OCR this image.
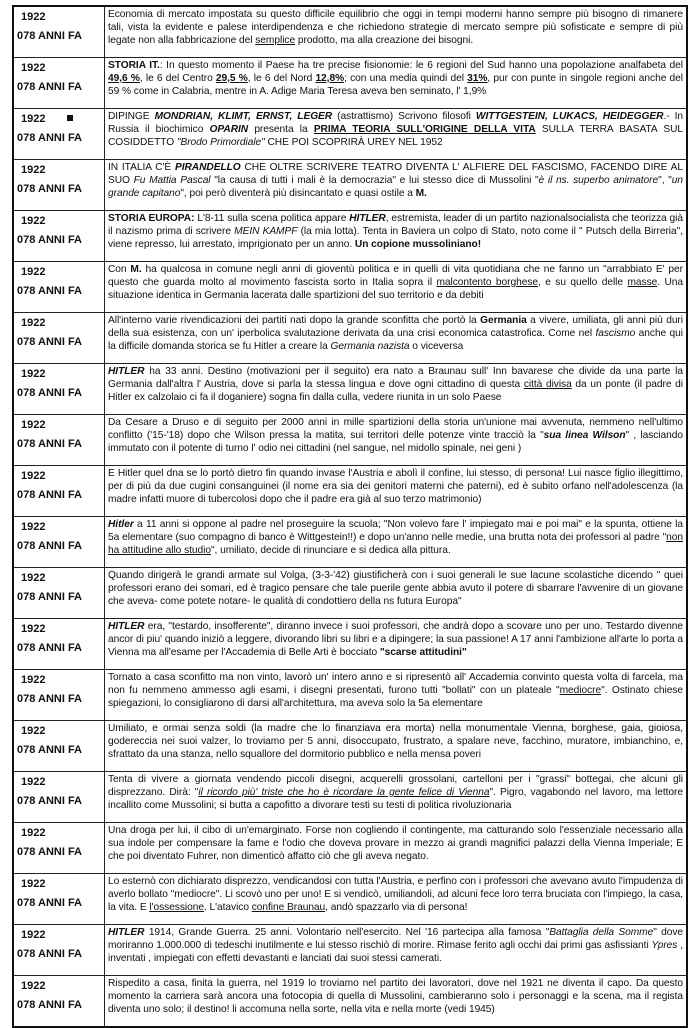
1922
078 ANNI FA	Economia di mercato impostata su questo difficile equilibrio che oggi in tempi moderni hanno sempre più bisogno di rimanere tali, vista la evidente e palese interdipendenza e che richiedono strategie di mercato sempre più sofisticate e sempre di più legate non alla fabbricazione del semplice prodotto, ma alla creazione dei bisogni.

1922
078 ANNI FA	STORIA IT.: In questo momento il Paese ha tre precise fisionomie: le 6 regioni del Sud hanno una popolazione analfabeta del 49,6 %, le 6 del Centro 29,5 %, le 6 del Nord 12,8%; con una media quindi del 31%, pur con punte in singole regioni anche del 59 % come in Calabria, mentre in A. Adige Maria Teresa aveva ben seminato, l' 1,9%

1922
078 ANNI FA	DIPINGE MONDRIAN, KLIMT, ERNST, LEGER (astrattismo) Scrivono filosofi WITTGESTEIN, LUKACS, HEIDEGGER.- In Russia il biochimico OPARIN presenta la PRIMA TEORIA SULL'ORIGINE DELLA VITA SULLA TERRA BASATA SUL COSIDDETTO "Brodo Primordiale" CHE POI SCOPRIRÀ UREY NEL 1952

1922
078 ANNI FA	IN ITALIA C'È PIRANDELLO CHE OLTRE SCRIVERE TEATRO DIVENTA L' ALFIERE DEL FASCISMO, FACENDO DIRE AL SUO Fu Mattia Pascal "la causa di tutti i mali è la democrazia" e lui stesso dice di Mussolini "è il ns. superbo animatore", "un grande capitano", poi però diventerà più disincantato e quasi ostile a M.

1922
078 ANNI FA	STORIA EUROPA: L'8-11 sulla scena politica appare HITLER, estremista, leader di un partito nazionalsocialista che teorizza già il nazismo prima di scrivere MEIN KAMPF (la mia lotta). Tenta in Baviera un colpo di Stato, noto come il " Putsch della Birreria", viene represso, lui arrestato, imprigionato per un anno. Un copione mussoliniano!

1922
078 ANNI FA	Con M. ha qualcosa in comune negli anni di gioventù politica e in quelli di vita quotidiana che ne fanno un "arrabbiato E' per questo che guarda molto al movimento fascista sorto in Italia sopra il malcontento borghese, e su quello delle masse. Una situazione identica in Germania lacerata dalle spartizioni del suo territorio e da debiti

1922
078 ANNI FA	All'interno varie rivendicazioni dei partiti nati dopo la grande sconfitta che portò la Germania a vivere, umiliata, gli anni più duri della sua esistenza, con un' iperbolica svalutazione derivata da una crisi economica catastrofica. Come nel fascismo anche qui la difficile domanda storica se fu Hitler a creare la Germania nazista o viceversa

1922
078 ANNI FA	HITLER ha 33 anni. Destino (motivazioni per il seguito) era nato a Braunau sull' Inn bavarese che divide da una parte la Germania dall'altra l' Austria, dove si parla la stessa lingua e dove ogni cittadino di questa città divisa da un ponte (il padre di Hitler ex calzolaio ci fa il doganiere) sogna fin dalla culla, vedere riunita in un solo Paese

1922
078 ANNI FA	Da Cesare a Druso e di seguito per 2000 anni in mille spartizioni della storia un'unione mai avvenuta, nemmeno nell'ultimo conflitto ('15-'18) dopo che Wilson pressa la matita, sui territori delle potenze vinte tracciò la "sua linea Wilson" , lasciando immutato con il potente di turno l' odio nei cittadini (nel sangue, nel midollo spinale, nei geni )

1922
078 ANNI FA	E Hitler quel dna se lo portò dietro fin quando invase l'Austria e abolì il confine, lui stesso, di persona! Lui nasce figlio illegittimo, per di più da due cugini consanguinei (il nome era sia dei genitori materni che paterni), ed è subito orfano nell'adolescenza (la madre infatti muore di tubercolosi dopo che il padre era già al suo terzo matrimonio)

1922
078 ANNI FA	Hitler a 11 anni si oppone al padre nel proseguire la scuola; "Non volevo fare l' impiegato mai e poi mai" e la spunta, ottiene la 5a elementare (suo compagno di banco è Wittgestein!!) e dopo un'anno nelle medie, una brutta nota dei professori al padre "non ha attitudine allo studio", umiliato, decide di rinunciare e si dedica alla pittura.

1922
078 ANNI FA	Quando dirigerà le grandi armate sul Volga, (3-3-'42) giustificherà con i suoi generali le sue lacune scolastiche dicendo " quei professori erano dei somari, ed è tragico pensare che tale puerile gente abbia avuto il potere di sbarrare l'avvenire di un giovane che aveva- come potete notare- le qualità di condottiero della ns futura Europa"

1922
078 ANNI FA	HITLER era, "testardo, insofferente", diranno invece i suoi professori, che andrà dopo a scovare uno per uno. Testardo divenne ancor di piu' quando iniziò a leggere, divorando libri su libri e a dipingere; la sua passione! A 17 anni l'ambizione all'arte lo porta a Vienna ma all'esame per l'Accademia di Belle Arti è bocciato "scarse attitudini"

1922
078 ANNI FA	Tornato a casa sconfitto ma non vinto, lavorò un' intero anno e si ripresentò all' Accademia convinto questa volta di farcela, ma non fu nemmeno ammesso agli esami, i disegni presentati, furono tutti "bollati" con un plateale "mediocre". Ostinato chiese spiegazioni, lo consigliarono di darsi all'architettura, ma aveva solo la 5a elementare

1922
078 ANNI FA	Umiliato, e ormai senza soldi (la madre che lo finanziava era morta) nella monumentale Vienna, borghese, gaia, gioiosa, godereccia nei suoi valzer, lo troviamo per 5 anni, disoccupato, frustrato, a spalare neve, facchino, muratore, imbianchino, e, sfrattato da una stanza, nello squallore del dormitorio pubblico e nella mensa poveri

1922
078 ANNI FA	Tenta di vivere a giornata vendendo piccoli disegni, acquerelli grossolani, cartelloni per i "grassi" bottegai, che alcuni gli disprezzano. Dirà: "il ricordo più' triste che ho è ricordare la gente felice di Vienna". Pigro, vagabondo nel lavoro, ma lettore incallito come Mussolini; si butta a capofitto a divorare testi su testi di politica rivoluzionaria

1922
078 ANNI FA	Una droga per lui, il cibo di un'emarginato. Forse non cogliendo il contingente, ma catturando solo l'essenziale necessario alla sua indole per compensare la fame e l'odio che doveva provare in mezzo ai grandi magnifici palazzi della Vienna Imperiale; E che poi diventato Fuhrer, non dimenticò affatto ciò che gli aveva negato.

1922
078 ANNI FA	Lo esternò con dichiarato disprezzo, vendicandosi con tutta l'Austria, e perfino con i professori che avevano avuto l'impudenza di averlo bollato "mediocre". Li scovò uno per uno! E si vendicò, umiliandoli, ad alcuni fece loro terra bruciata con l'impiego, la casa, la vita. E l'ossessione. L'atavico confine Braunau, andò spazzarlo via di persona!

1922
078 ANNI FA	HITLER 1914, Grande Guerra. 25 anni. Volontario nell'esercito. Nel '16 partecipa alla famosa "Battaglia della Somme" dove moriranno 1.000.000 di tedeschi inutilmente e lui stesso rischiò di morire. Rimase ferito agli occhi dai primi gas asfissianti Ypres , inventati , impiegati con effetti devastanti e lanciati dai suoi stessi camerati.

1922
078 ANNI FA	Rispedito a casa, finita la guerra, nel 1919 lo troviamo nel partito dei lavoratori, dove nel 1921 ne diventa il capo. Da questo momento la carriera sarà ancora una fotocopia di quella di Mussolini, cambieranno solo i personaggi e la scena, ma il regista diventa uno solo; il destino! li accomuna nella sorte, nella vita e nella morte (vedi 1945)
